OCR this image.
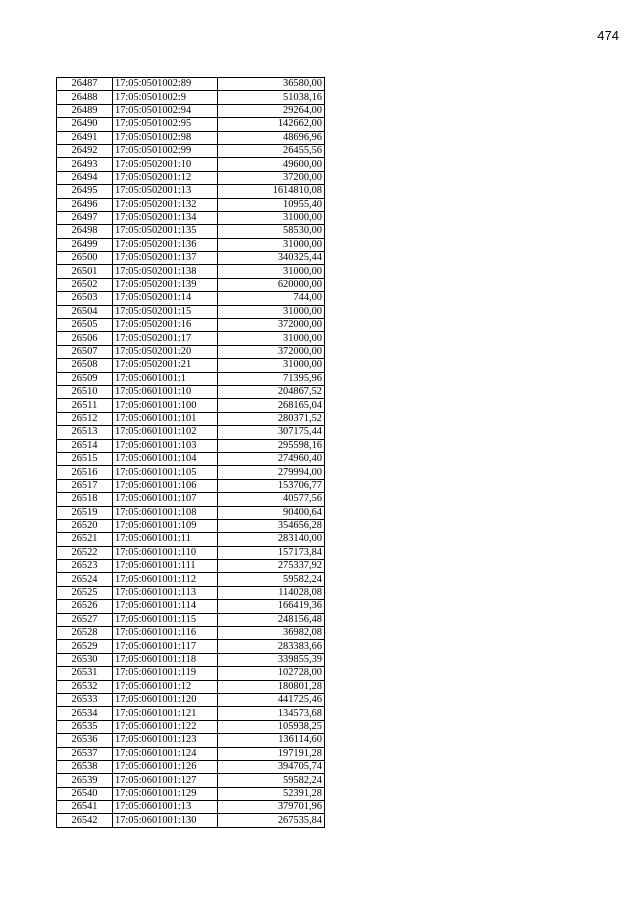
474
26487	17:05:0501002:89	36580,00
26488	17:05:0501002:9	51038,16
26489	17:05:0501002:94	29264,00
26490	17:05:0501002:95	142662,00
26491	17:05:0501002:98	48696,96
26492	17:05:0501002:99	26455,56
26493	17:05:0502001:10	49600,00
26494	17:05:0502001:12	37200,00
26495	17:05:0502001:13	1614810,08
26496	17:05:0502001:132	10955,40
26497	17:05:0502001:134	31000,00
26498	17:05:0502001:135	58530,00
26499	17:05:0502001:136	31000,00
26500	17:05:0502001:137	340325,44
26501	17:05:0502001:138	31000,00
26502	17:05:0502001:139	620000,00
26503	17:05:0502001:14	744,00
26504	17:05:0502001:15	31000,00
26505	17:05:0502001:16	372000,00
26506	17:05:0502001:17	31000,00
26507	17:05:0502001:20	372000,00
26508	17:05:0502001:21	31000,00
26509	17:05:0601001:1	71395,96
26510	17:05:0601001:10	204867,52
26511	17:05:0601001:100	268165,04
26512	17:05:0601001:101	280371,52
26513	17:05:0601001:102	307175,44
26514	17:05:0601001:103	295598,16
26515	17:05:0601001:104	274960,40
26516	17:05:0601001:105	279994,00
26517	17:05:0601001:106	153706,77
26518	17:05:0601001:107	40577,56
26519	17:05:0601001:108	90400,64
26520	17:05:0601001:109	354656,28
26521	17:05:0601001:11	283140,00
26522	17:05:0601001:110	157173,84
26523	17:05:0601001:111	275337,92
26524	17:05:0601001:112	59582,24
26525	17:05:0601001:113	114028,08
26526	17:05:0601001:114	166419,36
26527	17:05:0601001:115	248156,48
26528	17:05:0601001:116	36982,08
26529	17:05:0601001:117	283383,66
26530	17:05:0601001:118	339855,39
26531	17:05:0601001:119	102728,00
26532	17:05:0601001:12	180801,28
26533	17:05:0601001:120	441725,46
26534	17:05:0601001:121	134573,68
26535	17:05:0601001:122	105938,25
26536	17:05:0601001:123	136114,60
26537	17:05:0601001:124	197191,28
26538	17:05:0601001:126	394705,74
26539	17:05:0601001:127	59582,24
26540	17:05:0601001:129	52391,28
26541	17:05:0601001:13	379701,96
26542	17:05:0601001:130	267535,84
